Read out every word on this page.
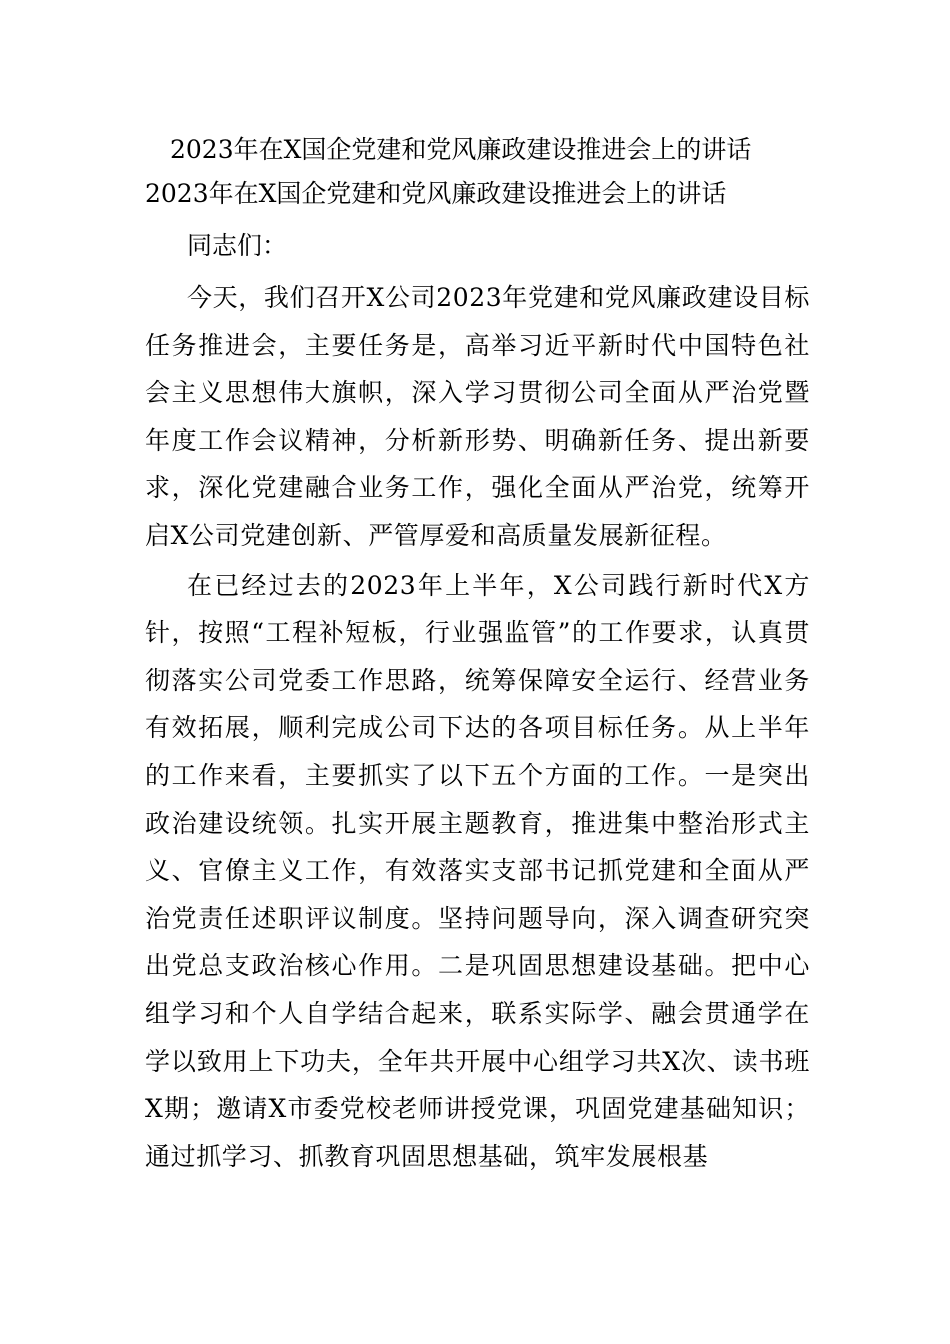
2023年在X国企党建和党风廉政建设推进会上的讲话
2023年在X国企党建和党风廉政建设推进会上的讲话
同志们：

今天，我们召开X公司2023年党建和党风廉政建设目标任务推进会，主要任务是，高举习近平新时代中国特色社会主义思想伟大旗帜，深入学习贯彻公司全面从严治党暨年度工作会议精神，分析新形势、明确新任务、提出新要求，深化党建融合业务工作，强化全面从严治党，统筹开启X公司党建创新、严管厚爱和高质量发展新征程。

在已经过去的2023年上半年，X公司践行新时代X方针，按照“工程补短板，行业强监管”的工作要求，认真贯彻落实公司党委工作思路，统筹保障安全运行、经营业务有效拓展，顺利完成公司下达的各项目标任务。从上半年的工作来看，主要抓实了以下五个方面的工作。一是突出政治建设统领。扎实开展主题教育，推进集中整治形式主义、官僚主义工作，有效落实支部书记抓党建和全面从严治党责任述职评议制度。坚持问题导向，深入调查研究突出党总支政治核心作用。二是巩固思想建设基础。把中心组学习和个人自学结合起来，联系实际学、融会贯通学在学以致用上下功夫，全年共开展中心组学习共X次、读书班X期；邀请X市委党校老师讲授党课，巩固党建基础知识；通过抓学习、抓教育巩固思想基础，筑牢发展根基
